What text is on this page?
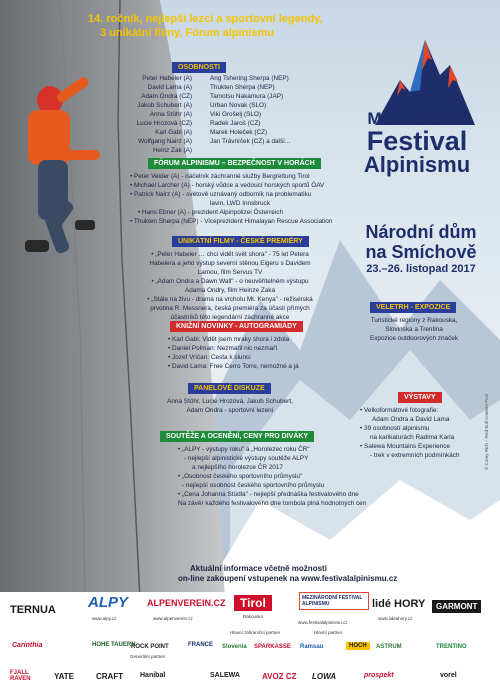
14. ročník, nejlepší lezci a sportovní legendy,
3 unikátní filmy, Fórum alpinismu
Mezinárodní
Festival
Alpinismu
Národní dům
na Smíchově
23.–26. listopad 2017
OSOBNOSTI
Peter Habeler (A)
David Lama (A)
Adam Ondra (CZ)
Jakob Schubert (A)
Anna Stöhr (A)
Lucie Hrozová (CZ)
Karl Gabl (A)
Wolfgang Nairz (A)
Heinz Zak (A)
Ang Tshering Sherpa (NEP)
Thukten Sherpa (NEP)
Tamotsu Nakamura (JAP)
Urban Novak (SLO)
Viki Grošelj (SLO)
Radek Jaroš (CZ)
Marek Holeček (CZ)
Jan Trávníček (CZ) a další...
FÓRUM ALPINISMU – BEZPEČNOST V HORÁCH
• Peter Veider (A) - náčelník záchranné služby Bergrettung Tirol
• Michael Larcher (A) - horský vůdce a vedoucí horských sportů ÖAV
• Patrick Nairz (A) - světově uznávaný odborník na problematiku
lavin, LWD Innsbruck
• Hans Ebner (A) - prezident Alpinpolizei Österreich
• Thukten Sherpa (NEP) - Viceprezident Himalayan Rescue Association
UNIKÁTNÍ FILMY - ČESKÉ PREMIÉRY
• „Peter Habeler … chci vidět svět shora" - 75 let Petera
Habelera a jeho výstup severní stěnou Eigeru s Davidem
Lamou, film Servus TV
• „Adam Ondra a Dawn Wall" - o neuvěřitelném výstupu
Adama Ondry, film Heinze Zaka
• „Stále na živu - drama na vrcholu Mt. Kenya" - režisérská
prvotina R. Messnera, česká premiéra za účasti přímých
účastníků této legendární záchranné akce
KNIŽNÍ NOVINKY - AUTOGRAMIÁDY
• Karl Gabl: Vidět jsem mraky shora i zdola
• Daniel Polman: Nezmařil nic nezmaří
• Jozef Vríčan: Cesta k slunci
• David Lama: Free Cerro Torre, nemožné a já
PANELOVÉ DISKUZE
Anna Stöhr, Lucie Hrozová, Jakub Schubert,
Adam Ondra - sportovní lezení
SOUTĚŽE A OCENĚNÍ, CENY PRO DIVÁKY
• „ALPY - výstupy roku" a „Horolezec roku ČR"
- nejlepší alpinistické výstupy soutěže ALPY
a nejlepšího horolezce ČR 2017
• „Osobnost českého sportovního průmyslu"
- nejlepší osobnost českého sportovního průmyslu
• „Cena Johanna Stüdla" - nejlepší přednáška festivalového dne
Na závěr každého festivalového dne tombola plná hodnotných cen
VELETRH - EXPOZICE
Turistické regiony z Rakouska,
Slovinska a Trentina
Expozice outdoorových značek
VÝSTAVY
• Velkoformátové fotografie:
Adam Ondra a David Lama
• 39 osobností alpinismu
na karikaturách Radima Karla
• Salewa Mountains Experience
- trek v extremních podmínkách
Aktuální informace včetně možnosti
on-line zakoupení vstupenek na www.festivalalpinismu.cz
© Corey Rich – Red Bull Content Pool
TERNUA ALPY
www.alpy.cz
ALPENVEREIN.CZ
www.alpenverein.cz
Tirol
Rakousko
Hlavní zahraniční partner
MEZINÁRODNÍ FESTIVAL ALPINISMU
www.festivalalpinismu.cz
Hlavní partner
lidé HORY
www.lideahory.cz
GARMONT
Carinthia	HOHE TAUERN
ROCK POINT
Generální partner
FRANCE Slovenia SPARKASSE Ramsau	HOCH	ASTRUM	TRENTINO
FJALL RAVEN	YATE	CRAFT Hanibal	SALEWA	AVOZ CZ LOWA	prospekt	vorel
